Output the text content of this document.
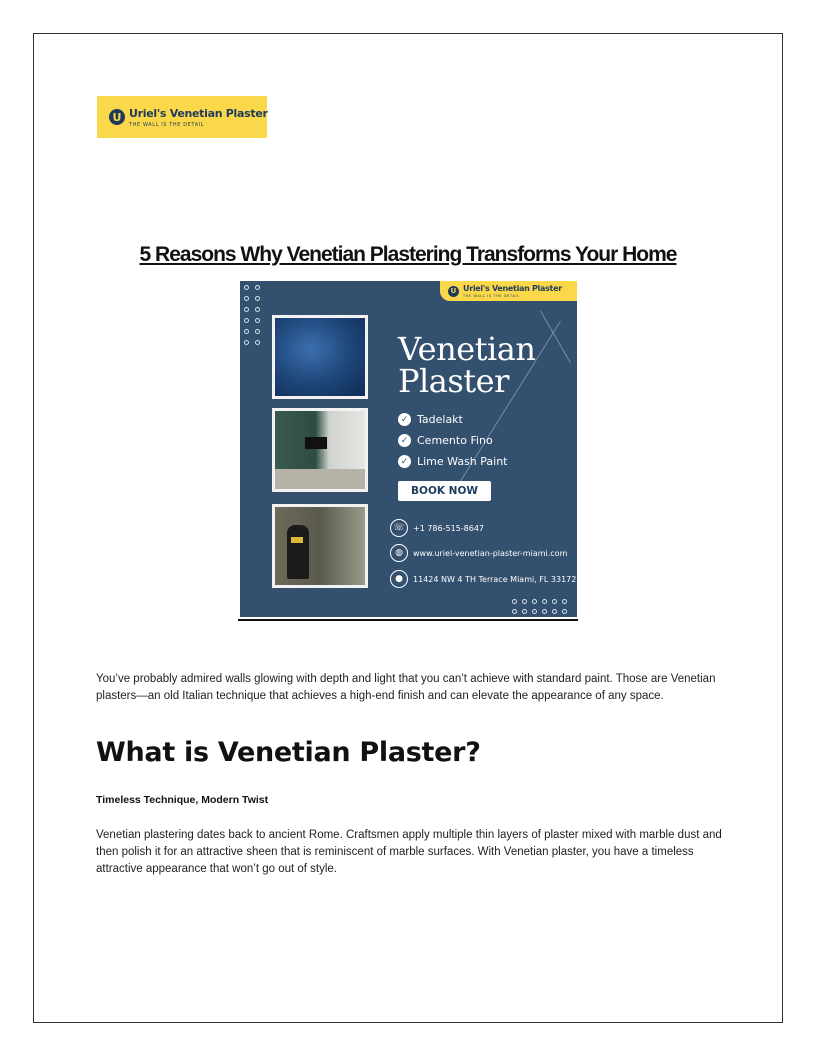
U Uriel's Venetian Plaster
THE WALL IS THE DETAIL
5 Reasons Why Venetian Plastering Transforms Your Home
U Uriel's Venetian Plaster
THE WALL IS THE DETAIL
Venetian
Plaster
✓ Tadelakt
✓ Cemento Fino
✓ Lime Wash Paint
BOOK NOW
☏	+1 786-515-8647
◍	www.uriel-venetian-plaster-miami.com
●	11424 NW 4 TH Terrace Miami, FL 33172

You’ve probably admired walls glowing with depth and light that you can’t achieve with standard paint. Those are Venetian plasters—an old Italian technique that achieves a high-end finish and can elevate the appearance of any space.

What is Venetian Plaster?

Timeless Technique, Modern Twist

Venetian plastering dates back to ancient Rome. Craftsmen apply multiple thin layers of plaster mixed with marble dust and then polish it for an attractive sheen that is reminiscent of marble surfaces. With Venetian plaster, you have a timeless attractive appearance that won’t go out of style.
